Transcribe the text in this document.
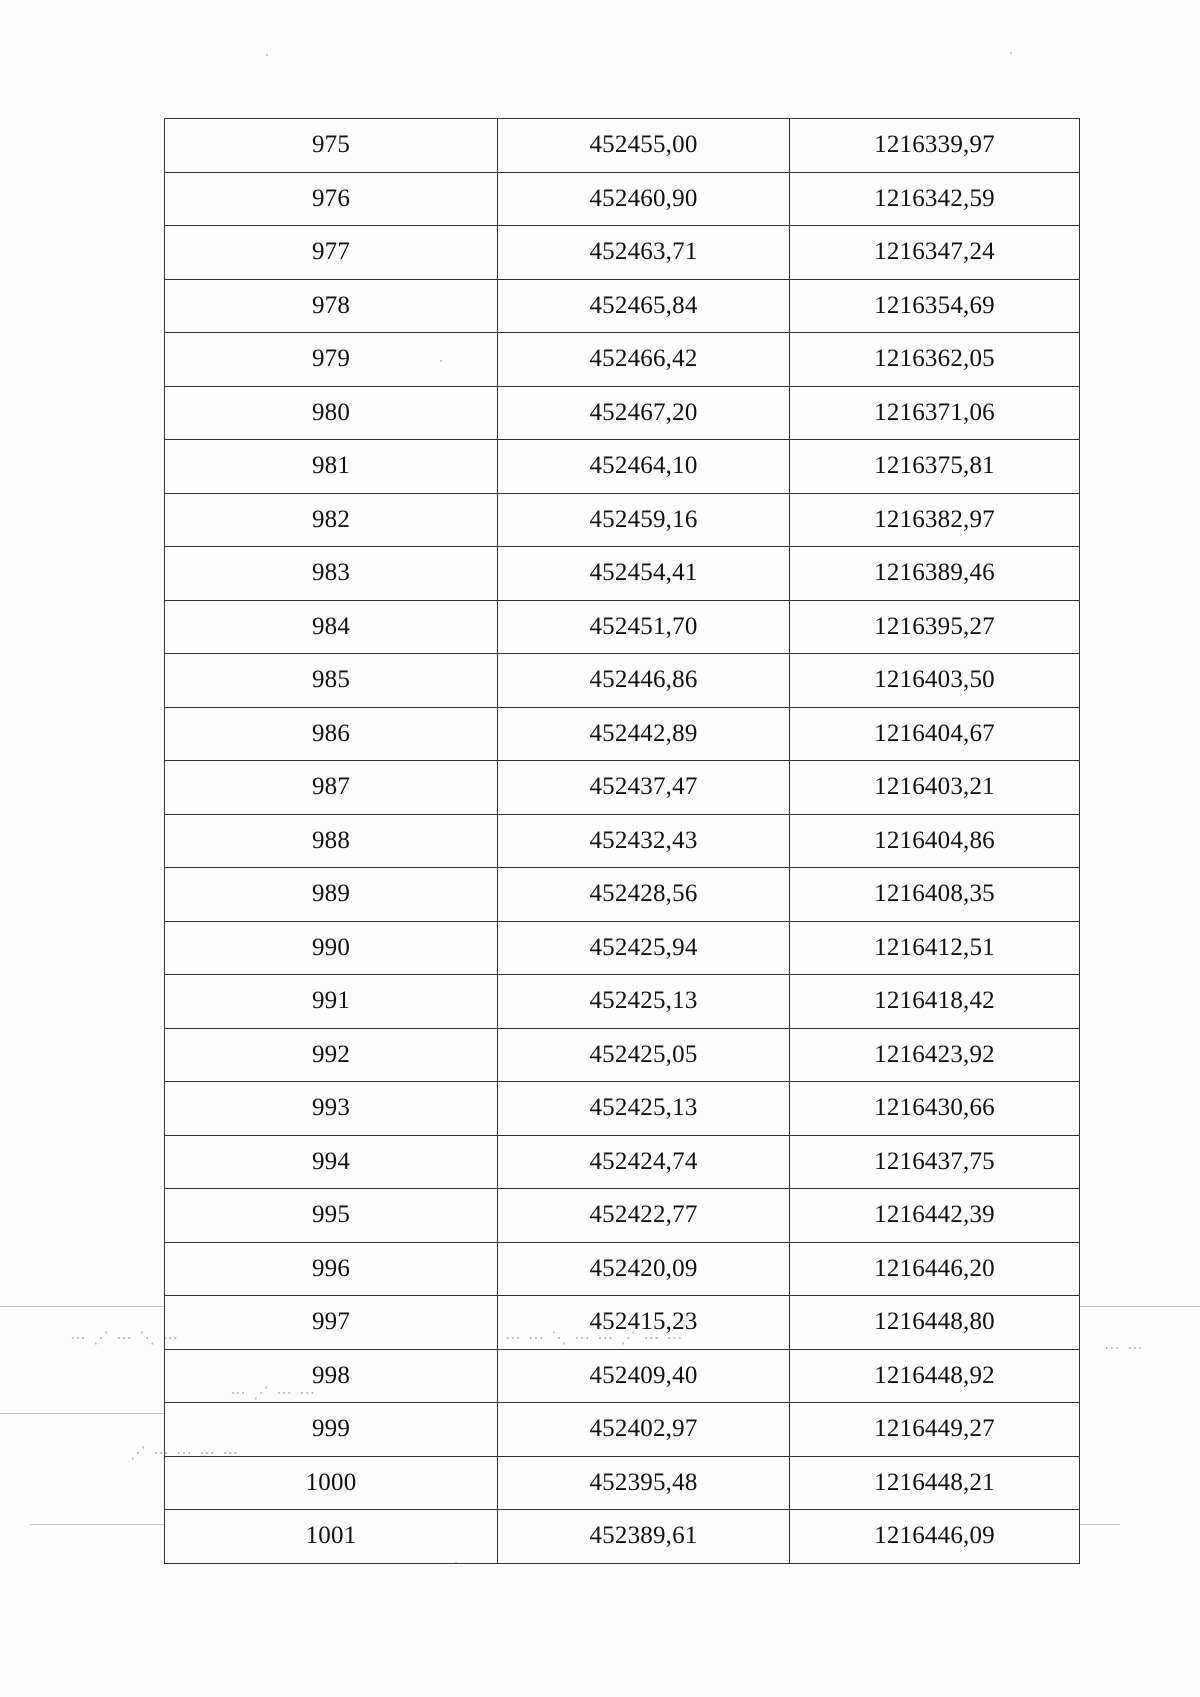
⋯ ⋰ ⋯ ⋱ ⋯	⋯ ⋯ ⋱ ⋯ ⋯ ⋰ ⋯ ⋯
⋯ ⋯
⋯ ⋰ ⋯ ⋯
⋰ ⋯ ⋯ ⋯ ⋯
975	452455,00	1216339,97
976	452460,90	1216342,59
977	452463,71	1216347,24
978	452465,84	1216354,69
979	452466,42	1216362,05
980	452467,20	1216371,06
981	452464,10	1216375,81
982	452459,16	1216382,97
983	452454,41	1216389,46
984	452451,70	1216395,27
985	452446,86	1216403,50
986	452442,89	1216404,67
987	452437,47	1216403,21
988	452432,43	1216404,86
989	452428,56	1216408,35
990	452425,94	1216412,51
991	452425,13	1216418,42
992	452425,05	1216423,92
993	452425,13	1216430,66
994	452424,74	1216437,75
995	452422,77	1216442,39
996	452420,09	1216446,20
997	452415,23	1216448,80
998	452409,40	1216448,92
999	452402,97	1216449,27
1000	452395,48	1216448,21
1001	452389,61	1216446,09
